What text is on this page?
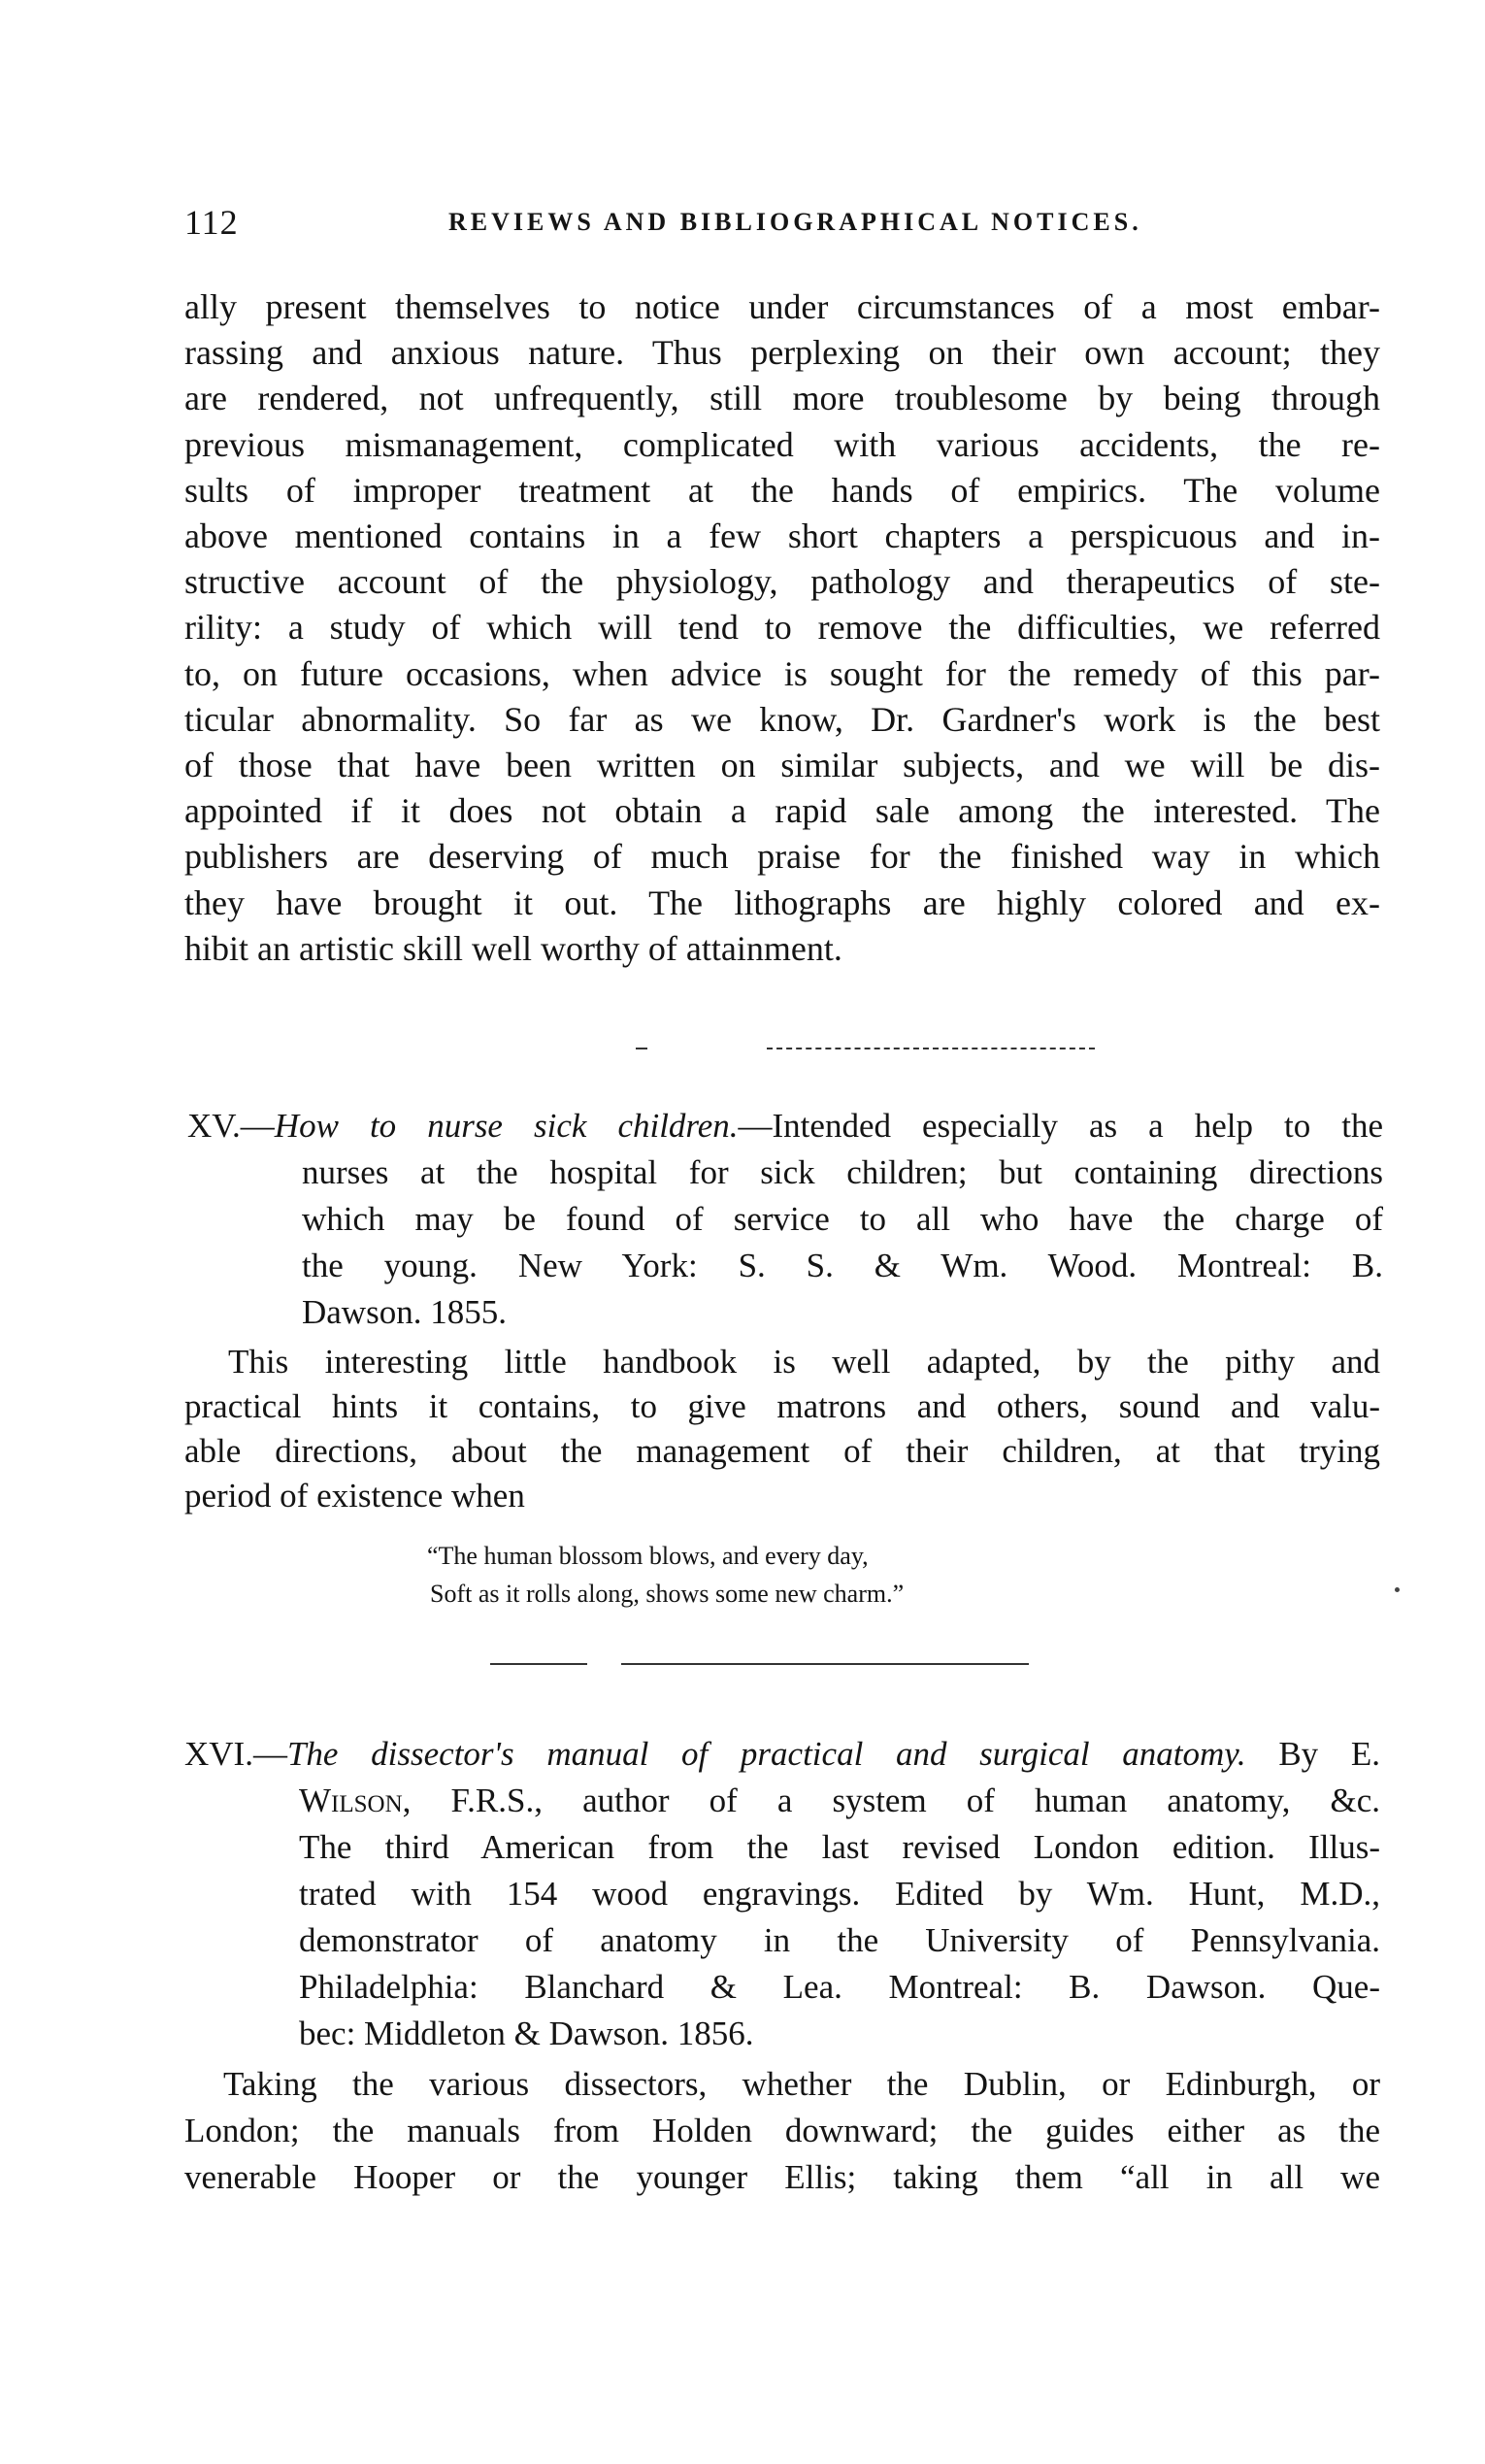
112	REVIEWS AND BIBLIOGRAPHICAL NOTICES.
ally present themselves to notice under circumstances of a most embar-
rassing and anxious nature. Thus perplexing on their own account; they
are rendered, not unfrequently, still more troublesome by being through
previous mismanagement, complicated with various accidents, the re-
sults of improper treatment at the hands of empirics. The volume
above mentioned contains in a few short chapters a perspicuous and in-
structive account of the physiology, pathology and therapeutics of ste-
rility: a study of which will tend to remove the difficulties, we referred
to, on future occasions, when advice is sought for the remedy of this par-
ticular abnormality. So far as we know, Dr. Gardner's work is the best
of those that have been written on similar subjects, and we will be dis-
appointed if it does not obtain a rapid sale among the interested. The
publishers are deserving of much praise for the finished way in which
they have brought it out. The lithographs are highly colored and ex-
hibit an artistic skill well worthy of attainment.
XV.—How to nurse sick children.—Intended especially as a help to the
nurses at the hospital for sick children; but containing directions
which may be found of service to all who have the charge of
the young. New York: S. S. & Wm. Wood. Montreal: B.
Dawson. 1855.
This interesting little handbook is well adapted, by the pithy and
practical hints it contains, to give matrons and others, sound and valu-
able directions, about the management of their children, at that trying
period of existence when
“The human blossom blows, and every day,
Soft as it rolls along, shows some new charm.”
XVI.—The dissector's manual of practical and surgical anatomy. By E.
Wilson, F.R.S., author of a system of human anatomy, &c.
The third American from the last revised London edition. Illus-
trated with 154 wood engravings. Edited by Wm. Hunt, M.D.,
demonstrator of anatomy in the University of Pennsylvania.
Philadelphia: Blanchard & Lea. Montreal: B. Dawson. Que-
bec: Middleton & Dawson. 1856.
Taking the various dissectors, whether the Dublin, or Edinburgh, or
London; the manuals from Holden downward; the guides either as the
venerable Hooper or the younger Ellis; taking them “all in all we
